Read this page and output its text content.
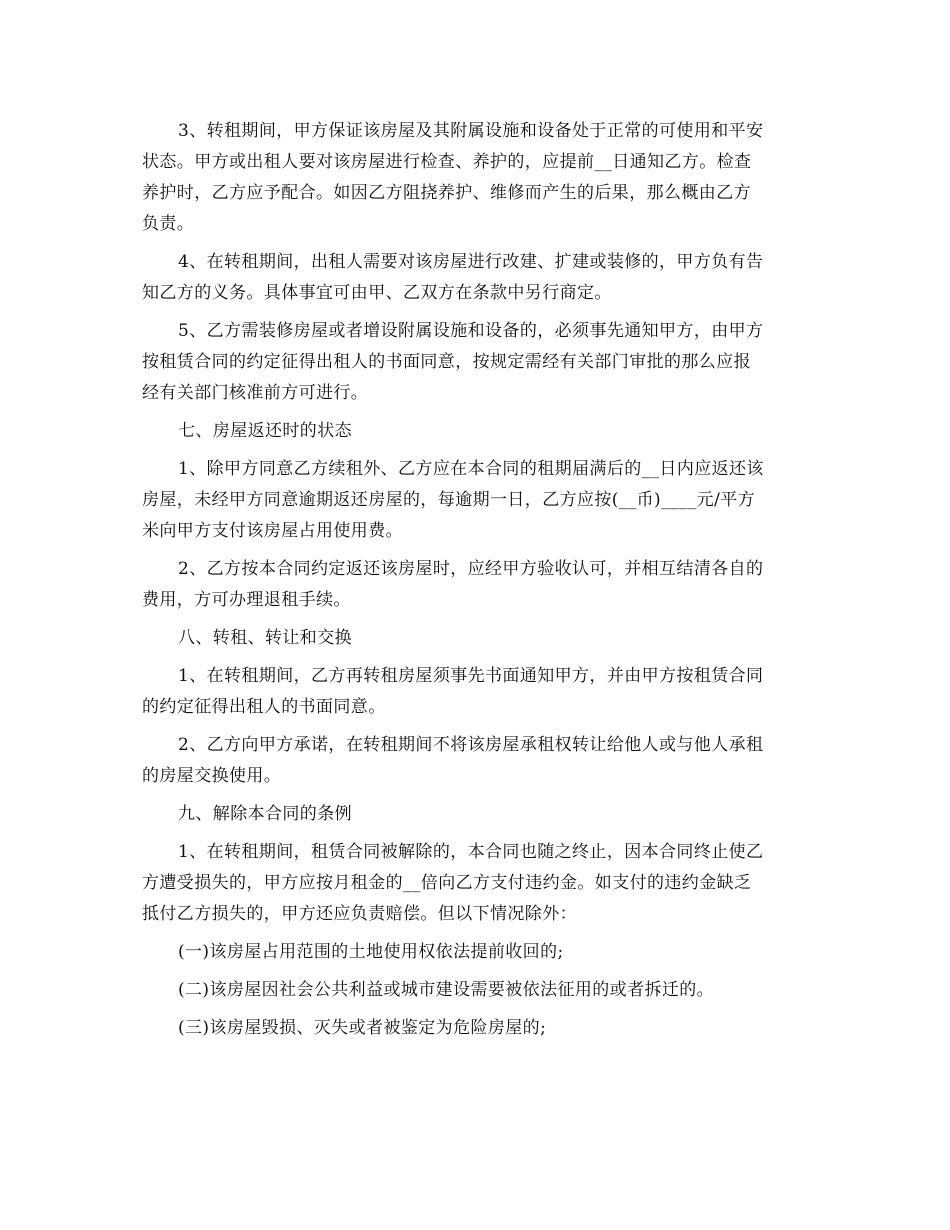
3、转租期间，甲方保证该房屋及其附属设施和设备处于正常的可使用和平安
状态。甲方或出租人要对该房屋进行检查、养护的，应提前__日通知乙方。检查
养护时，乙方应予配合。如因乙方阻挠养护、维修而产生的后果，那么概由乙方
负责。

4、在转租期间，出租人需要对该房屋进行改建、扩建或装修的，甲方负有告
知乙方的义务。具体事宜可由甲、乙双方在条款中另行商定。

5、乙方需装修房屋或者增设附属设施和设备的，必须事先通知甲方，由甲方
按租赁合同的约定征得出租人的书面同意，按规定需经有关部门审批的那么应报
经有关部门核准前方可进行。

七、房屋返还时的状态

1、除甲方同意乙方续租外、乙方应在本合同的租期届满后的__日内应返还该
房屋，未经甲方同意逾期返还房屋的，每逾期一日，乙方应按(__币)____元/平方
米向甲方支付该房屋占用使用费。

2、乙方按本合同约定返还该房屋时，应经甲方验收认可，并相互结清各自的
费用，方可办理退租手续。

八、转租、转让和交换

1、在转租期间，乙方再转租房屋须事先书面通知甲方，并由甲方按租赁合同
的约定征得出租人的书面同意。

2、乙方向甲方承诺，在转租期间不将该房屋承租权转让给他人或与他人承租
的房屋交换使用。

九、解除本合同的条例

1、在转租期间，租赁合同被解除的，本合同也随之终止，因本合同终止使乙
方遭受损失的，甲方应按月租金的__倍向乙方支付违约金。如支付的违约金缺乏
抵付乙方损失的，甲方还应负责赔偿。但以下情况除外：

(一)该房屋占用范围的土地使用权依法提前收回的;

(二)该房屋因社会公共利益或城市建设需要被依法征用的或者拆迁的。

(三)该房屋毁损、灭失或者被鉴定为危险房屋的;
